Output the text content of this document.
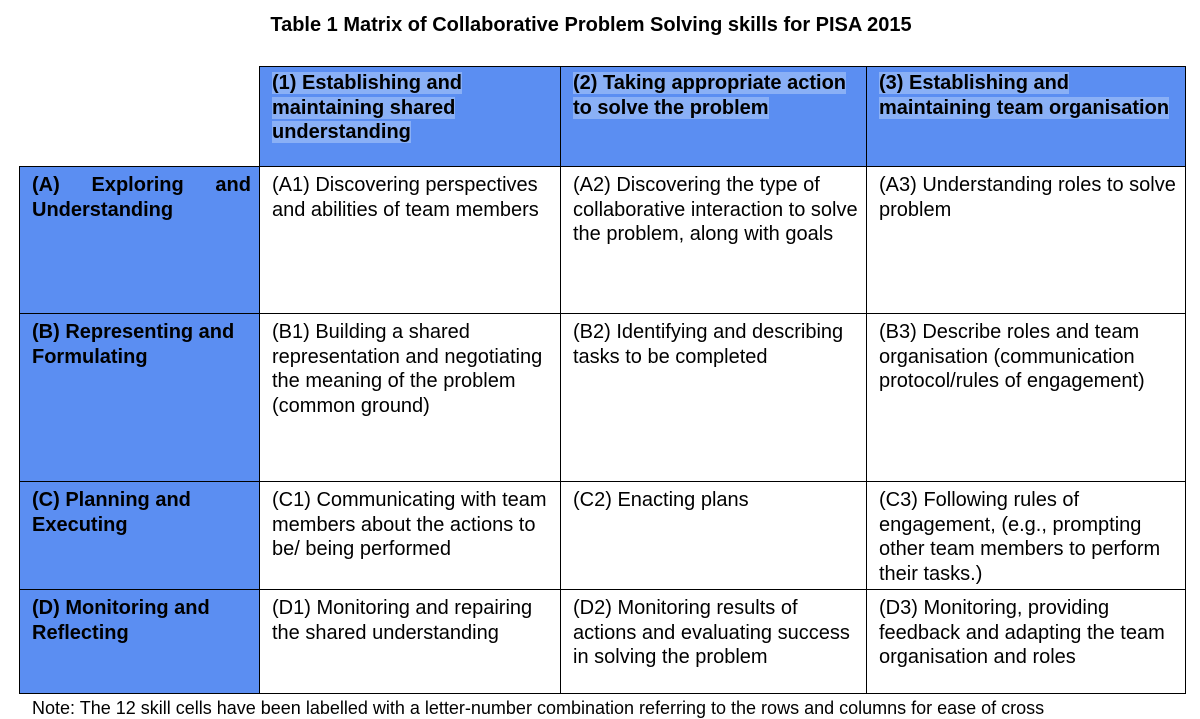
Table 1 Matrix of Collaborative Problem Solving skills for PISA 2015
(1) Establishing and maintaining shared understanding
(2) Taking appropriate action to solve the problem
(3) Establishing and maintaining team organisation
(A) Exploring and Understanding
(A1) Discovering perspectives and abilities of team members
(A2) Discovering the type of collaborative interaction to solve the problem, along with goals
(A3) Understanding roles to solve problem
(B) Representing and Formulating
(B1) Building a shared representation and negotiating the meaning of the problem (common ground)
(B2) Identifying and describing tasks to be completed
(B3) Describe roles and team organisation (communication protocol/rules of engagement)
(C) Planning and Executing
(C1) Communicating with team members about the actions to be/ being performed
(C2) Enacting plans	(C3) Following rules of engagement, (e.g., prompting other team members to perform their tasks.)
(D) Monitoring and Reflecting
(D1) Monitoring and repairing the shared understanding
(D2) Monitoring results of actions and evaluating success in solving the problem
(D3) Monitoring, providing feedback and adapting the team organisation and roles
Note: The 12 skill cells have been labelled with a letter-number combination referring to the rows and columns for ease of cross
